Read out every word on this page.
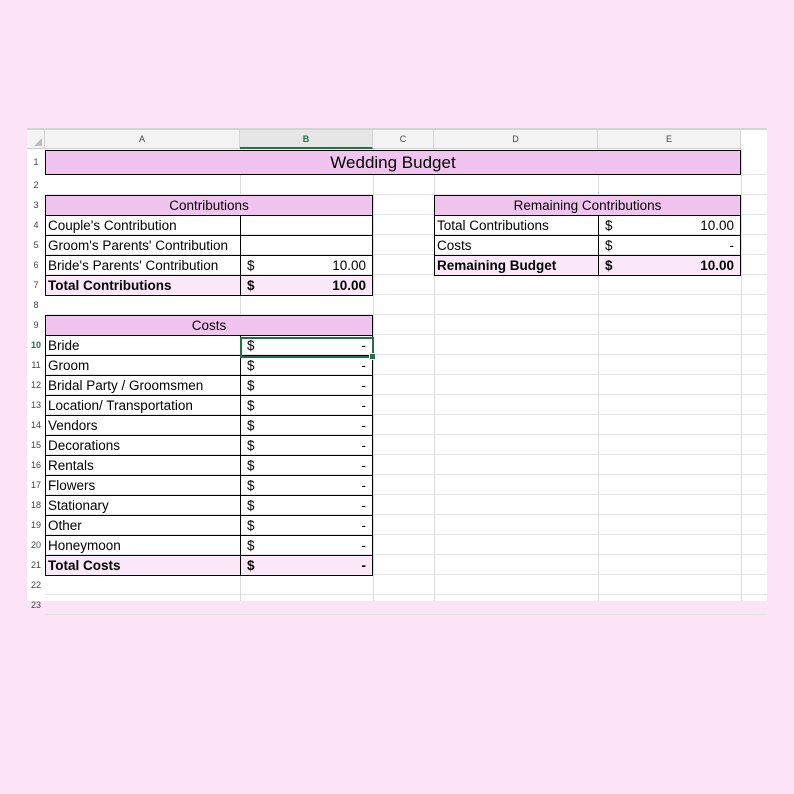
A	B	C	D	E
1
2
3
4
5
6
7
8
9
10
11
12
13
14
15
16
17
18
19
20
21
22
23
Wedding Budget
Contributions
Couple's Contribution
Groom's Parents' Contribution
Bride's Parents' Contribution	$	10.00
Total Contributions	$	10.00
Remaining Contributions
Total Contributions	$	10.00
Costs	$	-
Remaining Budget	$	10.00
Costs
Bride	$	-
Groom	$	-
Bridal Party / Groomsmen	$	-
Location/ Transportation	$	-
Vendors	$	-
Decorations	$	-
Rentals	$	-
Flowers	$	-
Stationary	$	-
Other	$	-
Honeymoon	$	-
Total Costs	$	-
